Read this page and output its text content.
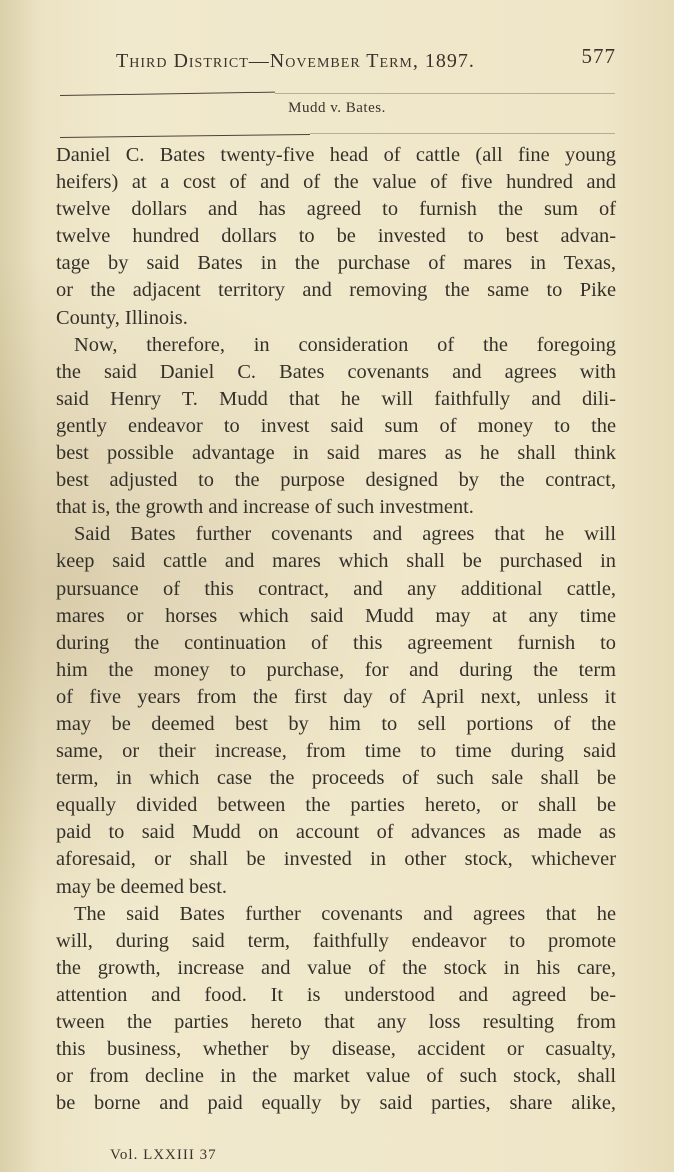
Third District—November Term, 1897.	577
Mudd v. Bates.
Daniel C. Bates twenty-five head of cattle (all fine young
heifers) at a cost of and of the value of five hundred and
twelve dollars and has agreed to furnish the sum of
twelve hundred dollars to be invested to best advan-
tage by said Bates in the purchase of mares in Texas,
or the adjacent territory and removing the same to Pike
County, Illinois.
Now, therefore, in consideration of the foregoing
the said Daniel C. Bates covenants and agrees with
said Henry T. Mudd that he will faithfully and dili-
gently endeavor to invest said sum of money to the
best possible advantage in said mares as he shall think
best adjusted to the purpose designed by the contract,
that is, the growth and increase of such investment.
Said Bates further covenants and agrees that he will
keep said cattle and mares which shall be purchased in
pursuance of this contract, and any additional cattle,
mares or horses which said Mudd may at any time
during the continuation of this agreement furnish to
him the money to purchase, for and during the term
of five years from the first day of April next, unless it
may be deemed best by him to sell portions of the
same, or their increase, from time to time during said
term, in which case the proceeds of such sale shall be
equally divided between the parties hereto, or shall be
paid to said Mudd on account of advances as made as
aforesaid, or shall be invested in other stock, whichever
may be deemed best.
The said Bates further covenants and agrees that he
will, during said term, faithfully endeavor to promote
the growth, increase and value of the stock in his care,
attention and food. It is understood and agreed be-
tween the parties hereto that any loss resulting from
this business, whether by disease, accident or casualty,
or from decline in the market value of such stock, shall
be borne and paid equally by said parties, share alike,
Vol. LXXIII 37
